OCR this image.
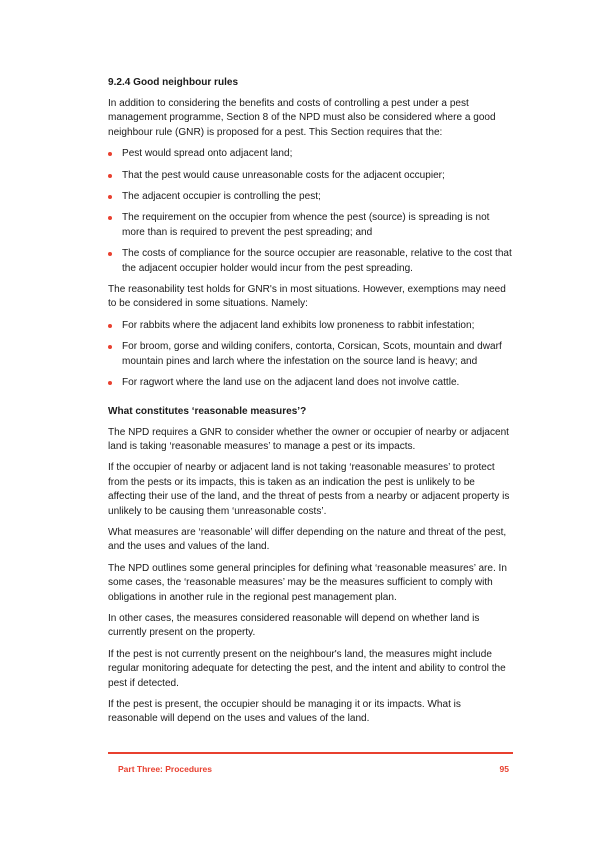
9.2.4 Good neighbour rules

In addition to considering the benefits and costs of controlling a pest under a pest management programme, Section 8 of the NPD must also be considered where a good neighbour rule (GNR) is proposed for a pest. This Section requires that the:

Pest would spread onto adjacent land;
That the pest would cause unreasonable costs for the adjacent occupier;
The adjacent occupier is controlling the pest;
The requirement on the occupier from whence the pest (source) is spreading is not more than is required to prevent the pest spreading; and
The costs of compliance for the source occupier are reasonable, relative to the cost that the adjacent occupier holder would incur from the pest spreading.

The reasonability test holds for GNR's in most situations. However, exemptions may need to be considered in some situations. Namely:

For rabbits where the adjacent land exhibits low proneness to rabbit infestation;
For broom, gorse and wilding conifers, contorta, Corsican, Scots, mountain and dwarf mountain pines and larch where the infestation on the source land is heavy; and
For ragwort where the land use on the adjacent land does not involve cattle.
What constitutes ‘reasonable measures’?

The NPD requires a GNR to consider whether the owner or occupier of nearby or adjacent land is taking ‘reasonable measures’ to manage a pest or its impacts.

If the occupier of nearby or adjacent land is not taking ‘reasonable measures’ to protect from the pests or its impacts, this is taken as an indication the pest is unlikely to be affecting their use of the land, and the threat of pests from a nearby or adjacent property is unlikely to be causing them ‘unreasonable costs’.

What measures are ‘reasonable’ will differ depending on the nature and threat of the pest, and the uses and values of the land.

The NPD outlines some general principles for defining what ‘reasonable measures’ are. In some cases, the ‘reasonable measures’ may be the measures sufficient to comply with obligations in another rule in the regional pest management plan.

In other cases, the measures considered reasonable will depend on whether land is currently present on the property.

If the pest is not currently present on the neighbour's land, the measures might include regular monitoring adequate for detecting the pest, and the intent and ability to control the pest if detected.

If the pest is present, the occupier should be managing it or its impacts. What is reasonable will depend on the uses and values of the land.

Part Three: Procedures	95
